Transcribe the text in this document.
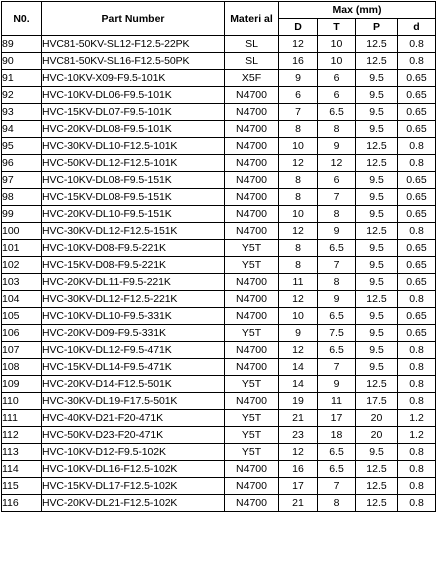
N0.	Part Number	Materi al	Max (mm)			
			D	T	P	d
89	HVC81-50KV-SL12-F12.5-22PK	SL	12	10	12.5	0.8
90	HVC81-50KV-SL16-F12.5-50PK	SL	16	10	12.5	0.8
91	HVC-10KV-X09-F9.5-101K	X5F	9	6	9.5	0.65
92	HVC-10KV-DL06-F9.5-101K	N4700	6	6	9.5	0.65
93	HVC-15KV-DL07-F9.5-101K	N4700	7	6.5	9.5	0.65
94	HVC-20KV-DL08-F9.5-101K	N4700	8	8	9.5	0.65
95	HVC-30KV-DL10-F12.5-101K	N4700	10	9	12.5	0.8
96	HVC-50KV-DL12-F12.5-101K	N4700	12	12	12.5	0.8
97	HVC-10KV-DL08-F9.5-151K	N4700	8	6	9.5	0.65
98	HVC-15KV-DL08-F9.5-151K	N4700	8	7	9.5	0.65
99	HVC-20KV-DL10-F9.5-151K	N4700	10	8	9.5	0.65
100	HVC-30KV-DL12-F12.5-151K	N4700	12	9	12.5	0.8
101	HVC-10KV-D08-F9.5-221K	Y5T	8	6.5	9.5	0.65
102	HVC-15KV-D08-F9.5-221K	Y5T	8	7	9.5	0.65
103	HVC-20KV-DL11-F9.5-221K	N4700	11	8	9.5	0.65
104	HVC-30KV-DL12-F12.5-221K	N4700	12	9	12.5	0.8
105	HVC-10KV-DL10-F9.5-331K	N4700	10	6.5	9.5	0.65
106	HVC-20KV-D09-F9.5-331K	Y5T	9	7.5	9.5	0.65
107	HVC-10KV-DL12-F9.5-471K	N4700	12	6.5	9.5	0.8
108	HVC-15KV-DL14-F9.5-471K	N4700	14	7	9.5	0.8
109	HVC-20KV-D14-F12.5-501K	Y5T	14	9	12.5	0.8
110	HVC-30KV-DL19-F17.5-501K	N4700	19	11	17.5	0.8
111	HVC-40KV-D21-F20-471K	Y5T	21	17	20	1.2
112	HVC-50KV-D23-F20-471K	Y5T	23	18	20	1.2
113	HVC-10KV-D12-F9.5-102K	Y5T	12	6.5	9.5	0.8
114	HVC-10KV-DL16-F12.5-102K	N4700	16	6.5	12.5	0.8
115	HVC-15KV-DL17-F12.5-102K	N4700	17	7	12.5	0.8
116	HVC-20KV-DL21-F12.5-102K	N4700	21	8	12.5	0.8
